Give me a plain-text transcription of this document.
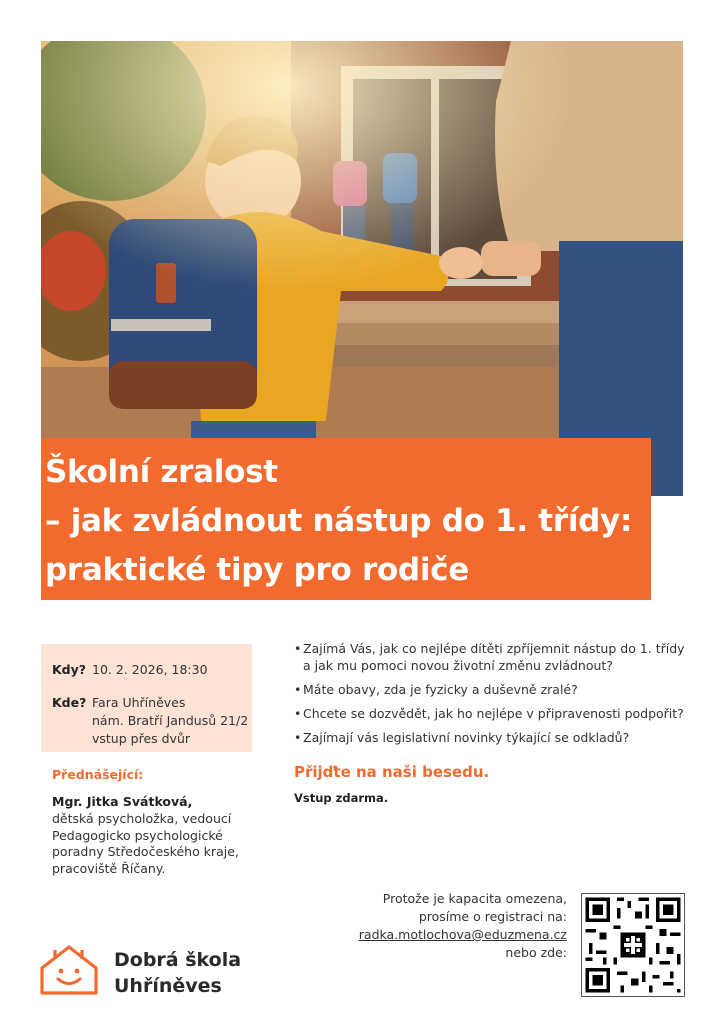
Školní zralost
– jak zvládnout nástup do 1. třídy:
praktické tipy pro rodiče
Kdy? 10. 2. 2026, 18:30
Kde? Fara Uhříněves
nám. Bratří Jandusů 21/2
vstup přes dvůr
Přednášející:
Mgr. Jitka Svátková,
dětská psycholožka, vedoucí
Pedagogicko psychologické
poradny Středočeského kraje,
pracoviště Říčany.
• Zajímá Vás, jak co nejlépe dítěti zpříjemnit nástup do 1. třídy
a jak mu pomoci novou životní změnu zvládnout?
• Máte obavy, zda je fyzicky a duševně zralé?
• Chcete se dozvědět, jak ho nejlépe v připravenosti podpořit?
• Zajímají vás legislativní novinky týkající se odkladů?
Přijďte na naši besedu.
Vstup zdarma.
Protože je kapacita omezena,
prosíme o registraci na:
radka.motlochova@eduzmena.cz
nebo zde:
Dobrá škola
Uhříněves
